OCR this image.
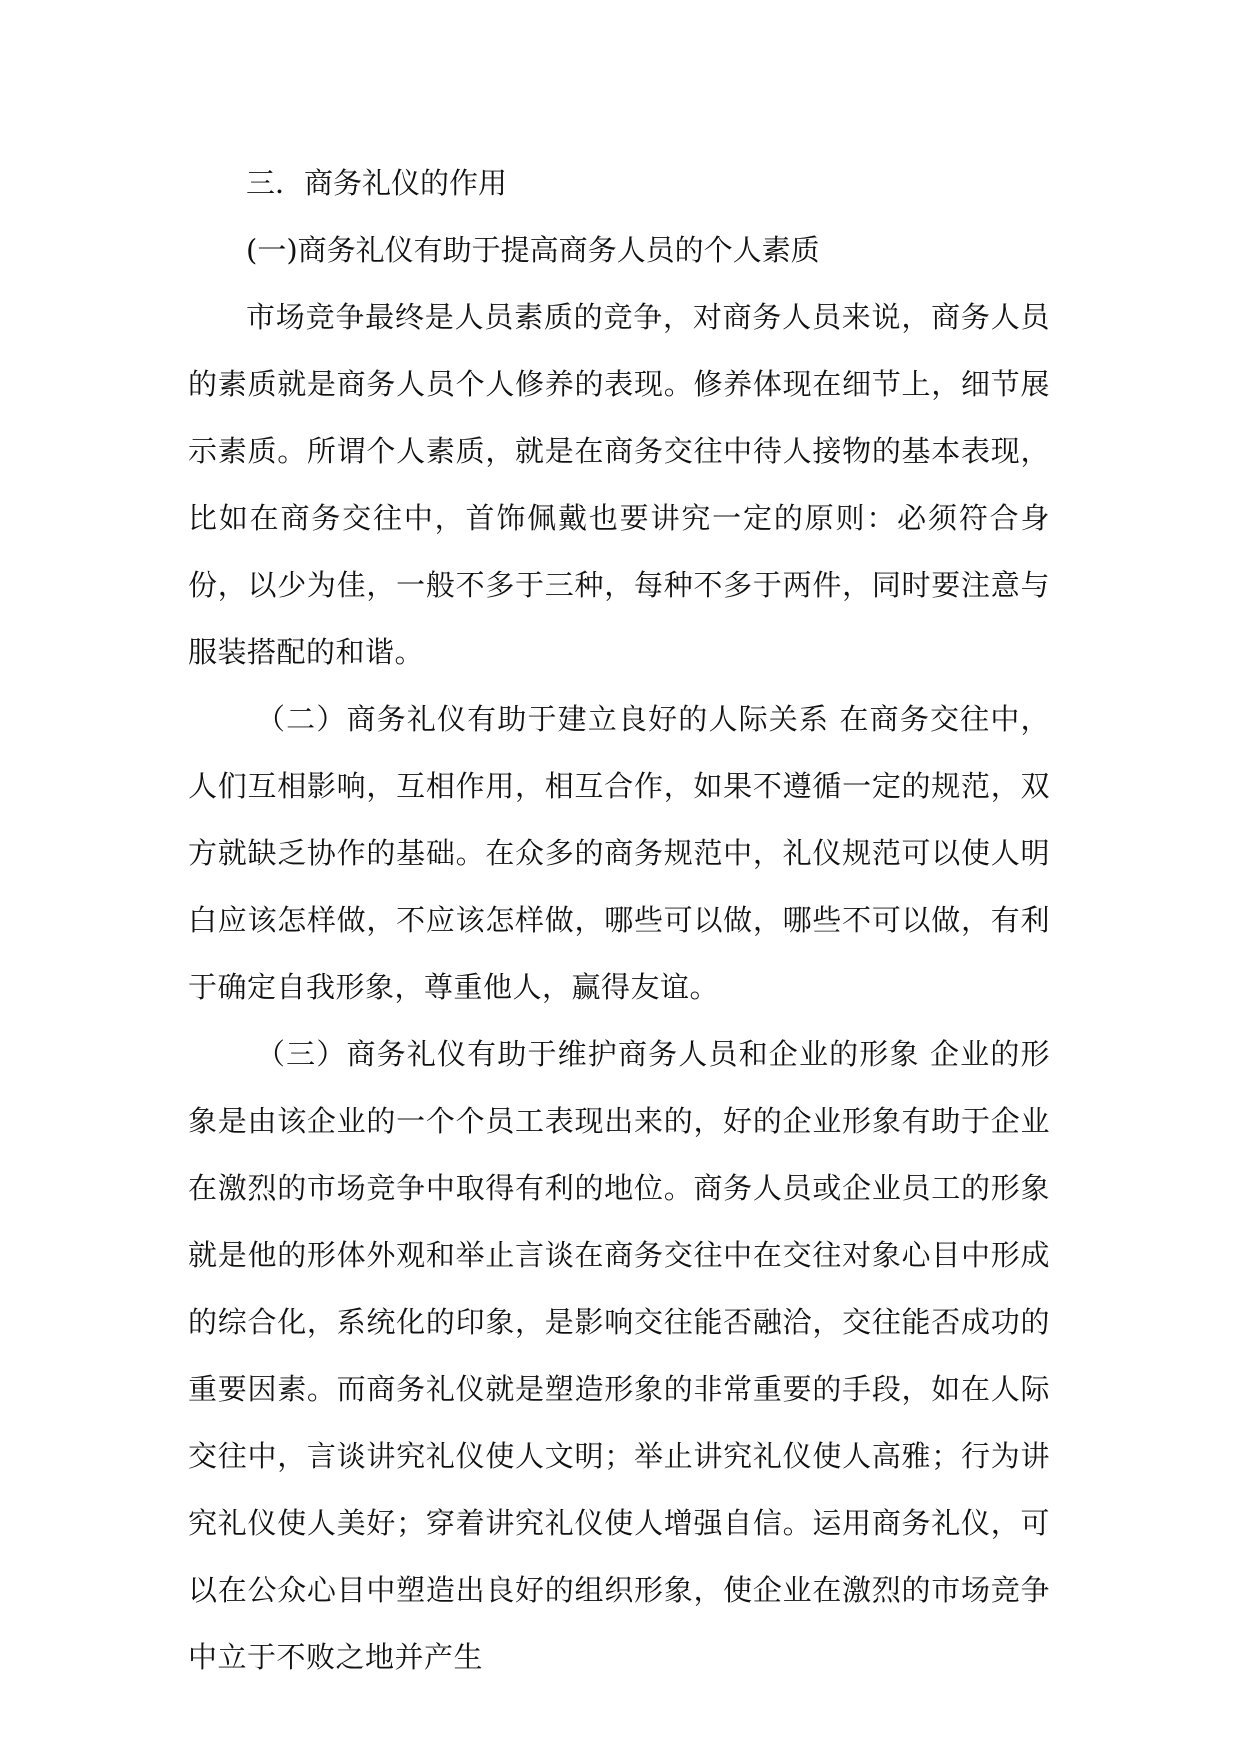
三．商务礼仪的作用

(一)商务礼仪有助于提高商务人员的个人素质

市场竞争最终是人员素质的竞争，对商务人员来说，商务人员的素质就是商务人员个人修养的表现。修养体现在细节上，细节展示素质。所谓个人素质，就是在商务交往中待人接物的基本表现，比如在商务交往中，首饰佩戴也要讲究一定的原则：必须符合身份，以少为佳，一般不多于三种，每种不多于两件，同时要注意与服装搭配的和谐。

（二）商务礼仪有助于建立良好的人际关系 在商务交往中，人们互相影响，互相作用，相互合作，如果不遵循一定的规范，双方就缺乏协作的基础。在众多的商务规范中，礼仪规范可以使人明白应该怎样做，不应该怎样做，哪些可以做，哪些不可以做，有利于确定自我形象，尊重他人，赢得友谊。

（三）商务礼仪有助于维护商务人员和企业的形象 企业的形象是由该企业的一个个员工表现出来的，好的企业形象有助于企业在激烈的市场竞争中取得有利的地位。商务人员或企业员工的形象就是他的形体外观和举止言谈在商务交往中在交往对象心目中形成的综合化，系统化的印象，是影响交往能否融洽，交往能否成功的重要因素。而商务礼仪就是塑造形象的非常重要的手段，如在人际交往中，言谈讲究礼仪使人文明；举止讲究礼仪使人高雅；行为讲究礼仪使人美好；穿着讲究礼仪使人增强自信。运用商务礼仪，可以在公众心目中塑造出良好的组织形象，使企业在激烈的市场竞争中立于不败之地并产生
